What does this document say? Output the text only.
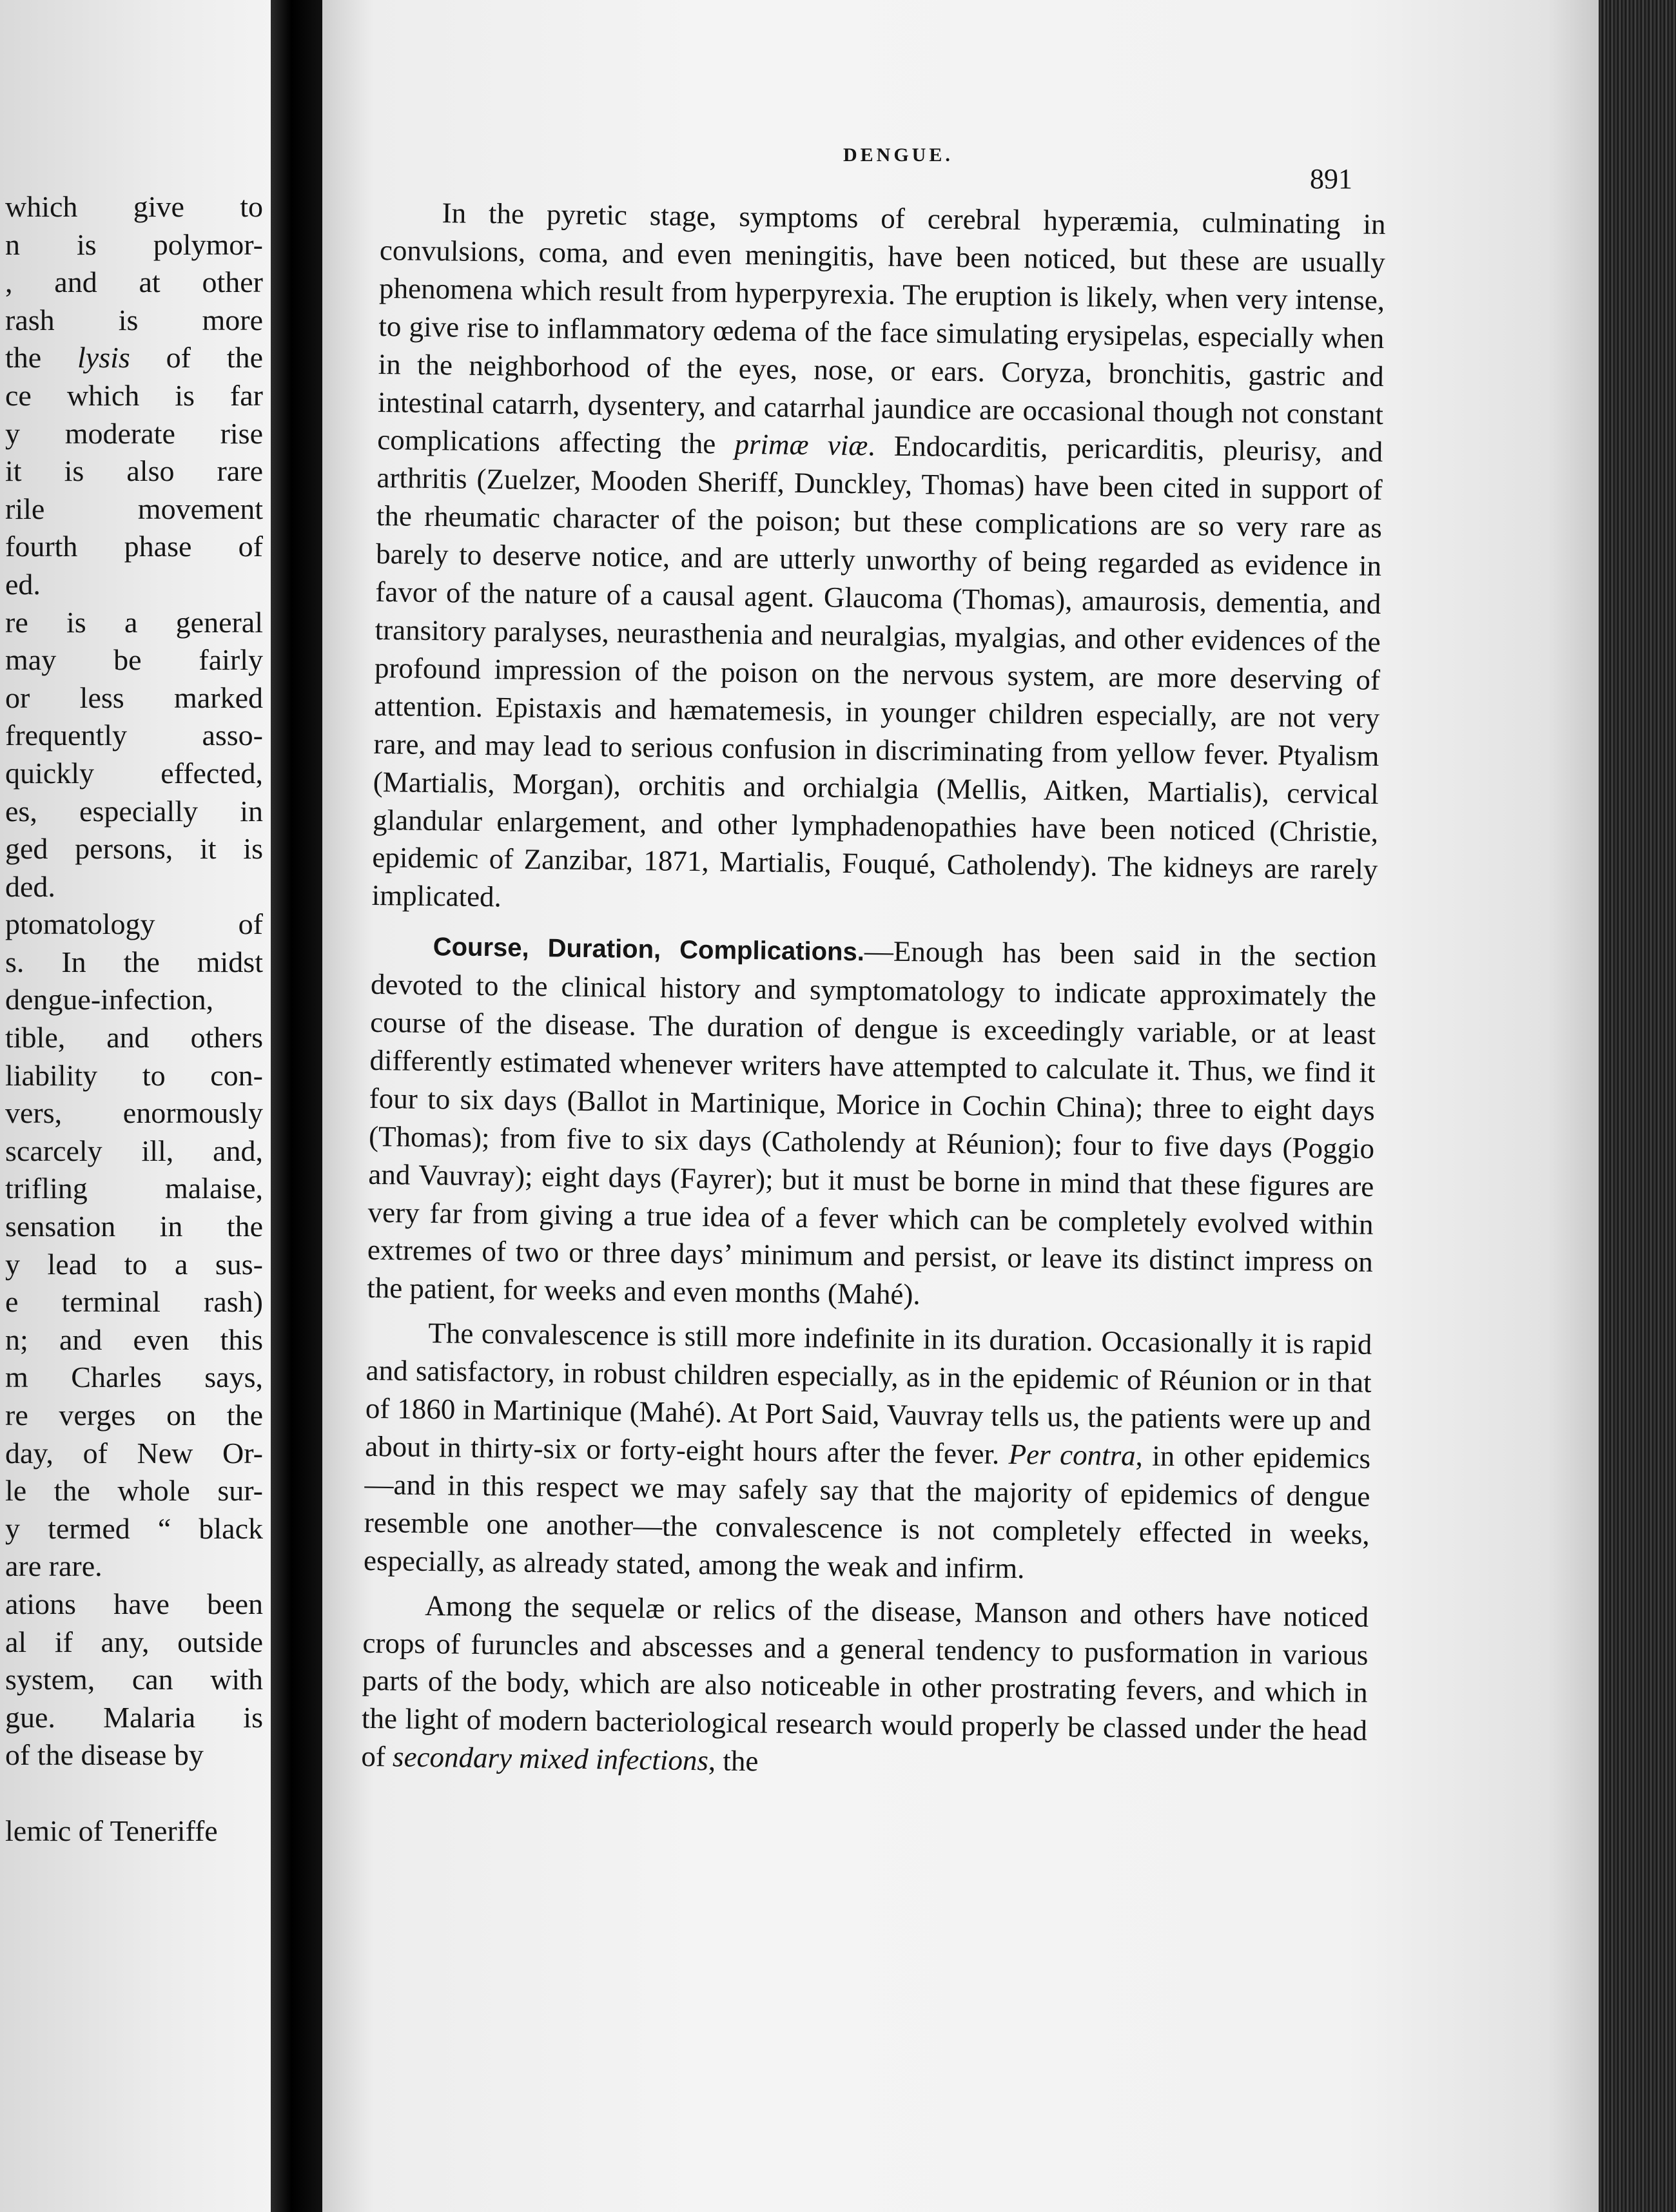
which give to
n is polymor-
, and at other
rash is more
the lysis of the
ce which is far
y moderate rise
it is also rare
rile movement
fourth phase of
ed.
re is a general
may be fairly
or less marked
frequently asso-
quickly effected,
es, especially in
ged persons, it is
ded.
ptomatology of
s. In the midst
dengue-infection,
tible, and others
liability to con-
vers, enormously
scarcely ill, and,
trifling malaise,
sensation in the
y lead to a sus-
e terminal rash)
n; and even this
m Charles says,
re verges on the
day, of New Or-
le the whole sur-
y termed “ black
are rare.
ations have been
al if any, outside
system, can with
gue. Malaria is
of the disease by
lemic of Teneriffe
DENGUE.
891

In the pyretic stage, symptoms of cerebral hyperæmia, culminating in convulsions, coma, and even meningitis, have been noticed, but these are usually phenomena which result from hyperpyrexia. The eruption is likely, when very intense, to give rise to inflammatory œdema of the face simulating erysipelas, especially when in the neighborhood of the eyes, nose, or ears. Coryza, bronchitis, gastric and intestinal catarrh, dysentery, and catarrhal jaundice are occasional though not constant complications affecting the primæ viæ. Endocarditis, pericarditis, pleurisy, and arthritis (Zuelzer, Mooden Sheriff, Dunckley, Thomas) have been cited in support of the rheumatic character of the poison; but these complications are so very rare as barely to deserve notice, and are utterly unworthy of being regarded as evidence in favor of the nature of a causal agent. Glaucoma (Thomas), amaurosis, dementia, and transitory paralyses, neurasthenia and neuralgias, myalgias, and other evidences of the profound impression of the poison on the nervous system, are more deserving of attention. Epistaxis and hæmatemesis, in younger children especially, are not very rare, and may lead to serious confusion in discriminating from yellow fever. Ptyalism (Martialis, Morgan), orchitis and orchialgia (Mellis, Aitken, Martialis), cervical glandular enlargement, and other lymphadenopathies have been noticed (Christie, epidemic of Zanzibar, 1871, Martialis, Fouqué, Catholendy). The kidneys are rarely implicated.

Course, Duration, Complications.—Enough has been said in the section devoted to the clinical history and symptomatology to indicate approximately the course of the disease. The duration of dengue is exceedingly variable, or at least differently estimated whenever writers have attempted to calculate it. Thus, we find it four to six days (Ballot in Martinique, Morice in Cochin China); three to eight days (Thomas); from five to six days (Catholendy at Réunion); four to five days (Poggio and Vauvray); eight days (Fayrer); but it must be borne in mind that these figures are very far from giving a true idea of a fever which can be completely evolved within extremes of two or three days’ minimum and persist, or leave its distinct impress on the patient, for weeks and even months (Mahé).

The convalescence is still more indefinite in its duration. Occasionally it is rapid and satisfactory, in robust children especially, as in the epidemic of Réunion or in that of 1860 in Martinique (Mahé). At Port Said, Vauvray tells us, the patients were up and about in thirty-six or forty-eight hours after the fever. Per contra, in other epidemics—and in this respect we may safely say that the majority of epidemics of dengue resemble one another—the convalescence is not completely effected in weeks, especially, as already stated, among the weak and infirm.

Among the sequelæ or relics of the disease, Manson and others have noticed crops of furuncles and abscesses and a general tendency to pusformation in various parts of the body, which are also noticeable in other prostrating fevers, and which in the light of modern bacteriological research would properly be classed under the head of secondary mixed infections, the
